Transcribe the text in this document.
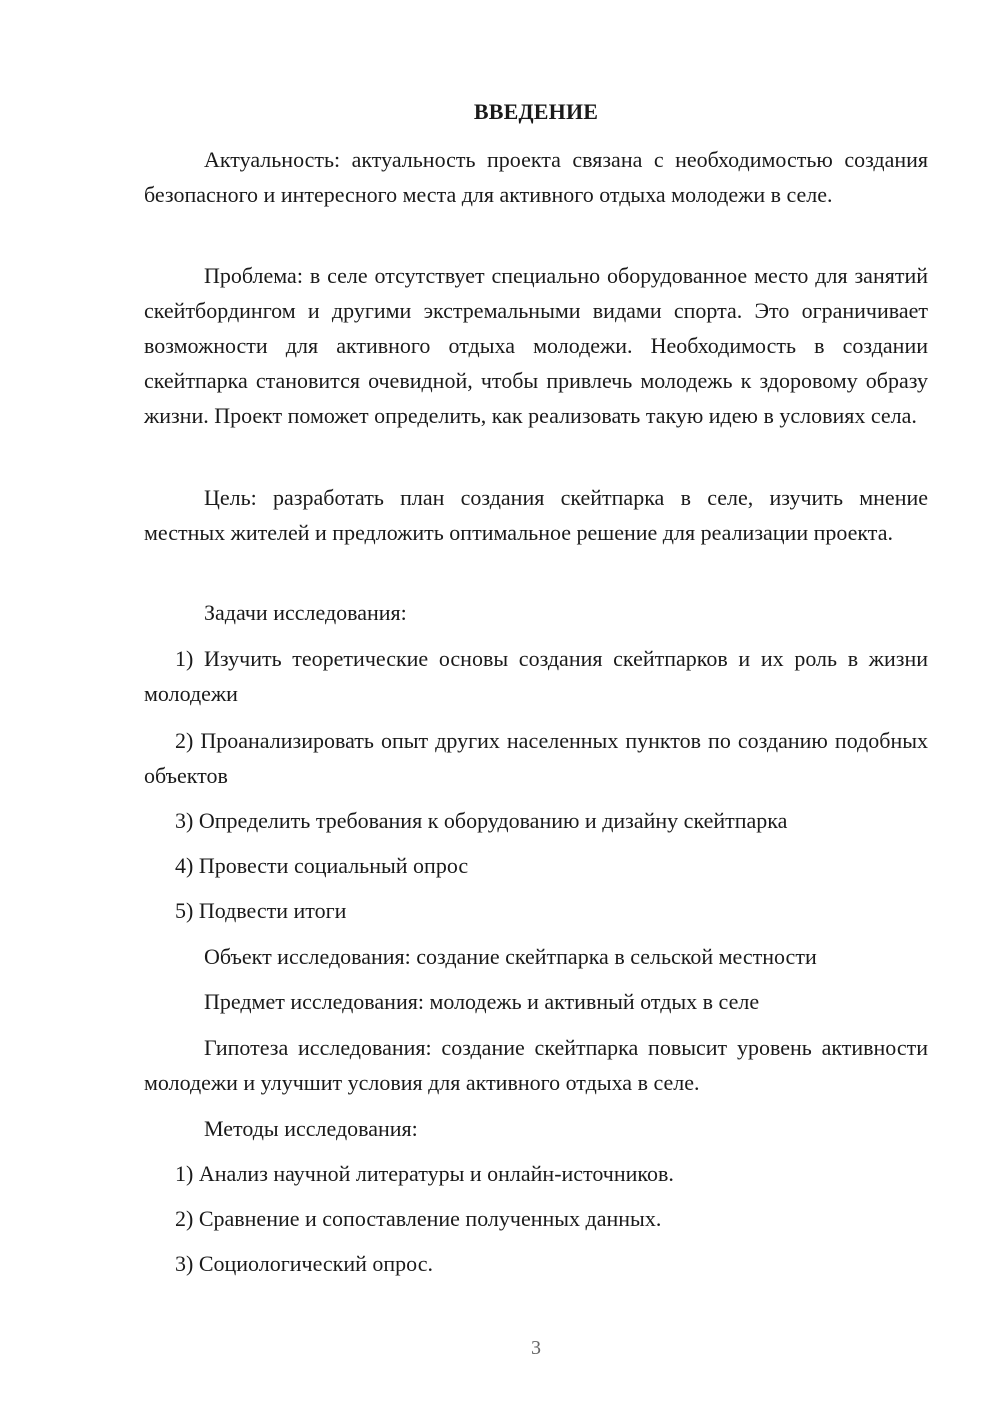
ВВЕДЕНИЕ

Актуальность: актуальность проекта связана с необходимостью создания безопасного и интересного места для активного отдыха молодежи в селе.

Проблема: в селе отсутствует специально оборудованное место для занятий скейтбордингом и другими экстремальными видами спорта. Это ограничивает возможности для активного отдыха молодежи. Необходимость в создании скейтпарка становится очевидной, чтобы привлечь молодежь к здоровому образу жизни. Проект поможет определить, как реализовать такую идею в условиях села.

Цель: разработать план создания скейтпарка в селе, изучить мнение местных жителей и предложить оптимальное решение для реализации проекта.

Задачи исследования:

1) Изучить теоретические основы создания скейтпарков и их роль в жизни молодежи

2) Проанализировать опыт других населенных пунктов по созданию подобных объектов

3) Определить требования к оборудованию и дизайну скейтпарка

4) Провести социальный опрос

5) Подвести итоги

Объект исследования: создание скейтпарка в сельской местности

Предмет исследования: молодежь и активный отдых в селе

Гипотеза исследования: создание скейтпарка повысит уровень активности молодежи и улучшит условия для активного отдыха в селе.

Методы исследования:

1) Анализ научной литературы и онлайн-источников.

2) Сравнение и сопоставление полученных данных.

3) Социологический опрос.

3
